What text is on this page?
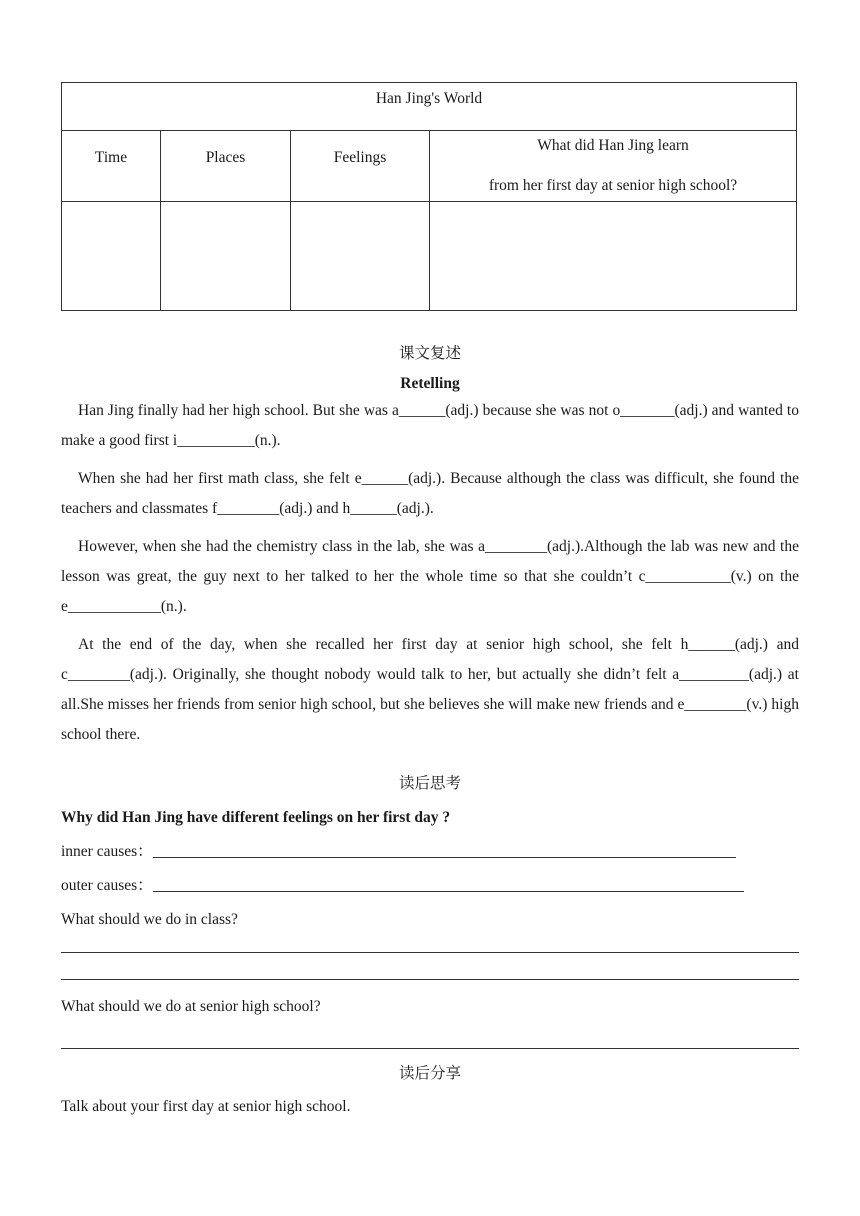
Han Jing's World			
Time	Places	Feelings	What did Han Jing learn
from her first day at senior high school?

课文复述
Retelling

Han Jing finally had her high school. But she was a______(adj.) because she was not o_______(adj.) and wanted to make a good first i__________(n.).

When she had her first math class, she felt e______(adj.). Because although the class was difficult, she found the teachers and classmates f________(adj.) and h______(adj.).

However, when she had the chemistry class in the lab, she was a________(adj.).Although the lab was new and the lesson was great, the guy next to her talked to her the whole time so that she couldn’t c___________(v.) on the e____________(n.).

At the end of the day, when she recalled her first day at senior high school, she felt h______(adj.) and c________(adj.). Originally, she thought nobody would talk to her, but actually she didn’t felt a_________(adj.) at all.She misses her friends from senior high school, but she believes she will make new friends and e________(v.) high school there.

读后思考
Why did Han Jing have different feelings on her first day ?
inner causes：
outer causes：
What should we do in class?
What should we do at senior high school?
读后分享
Talk about your first day at senior high school.
